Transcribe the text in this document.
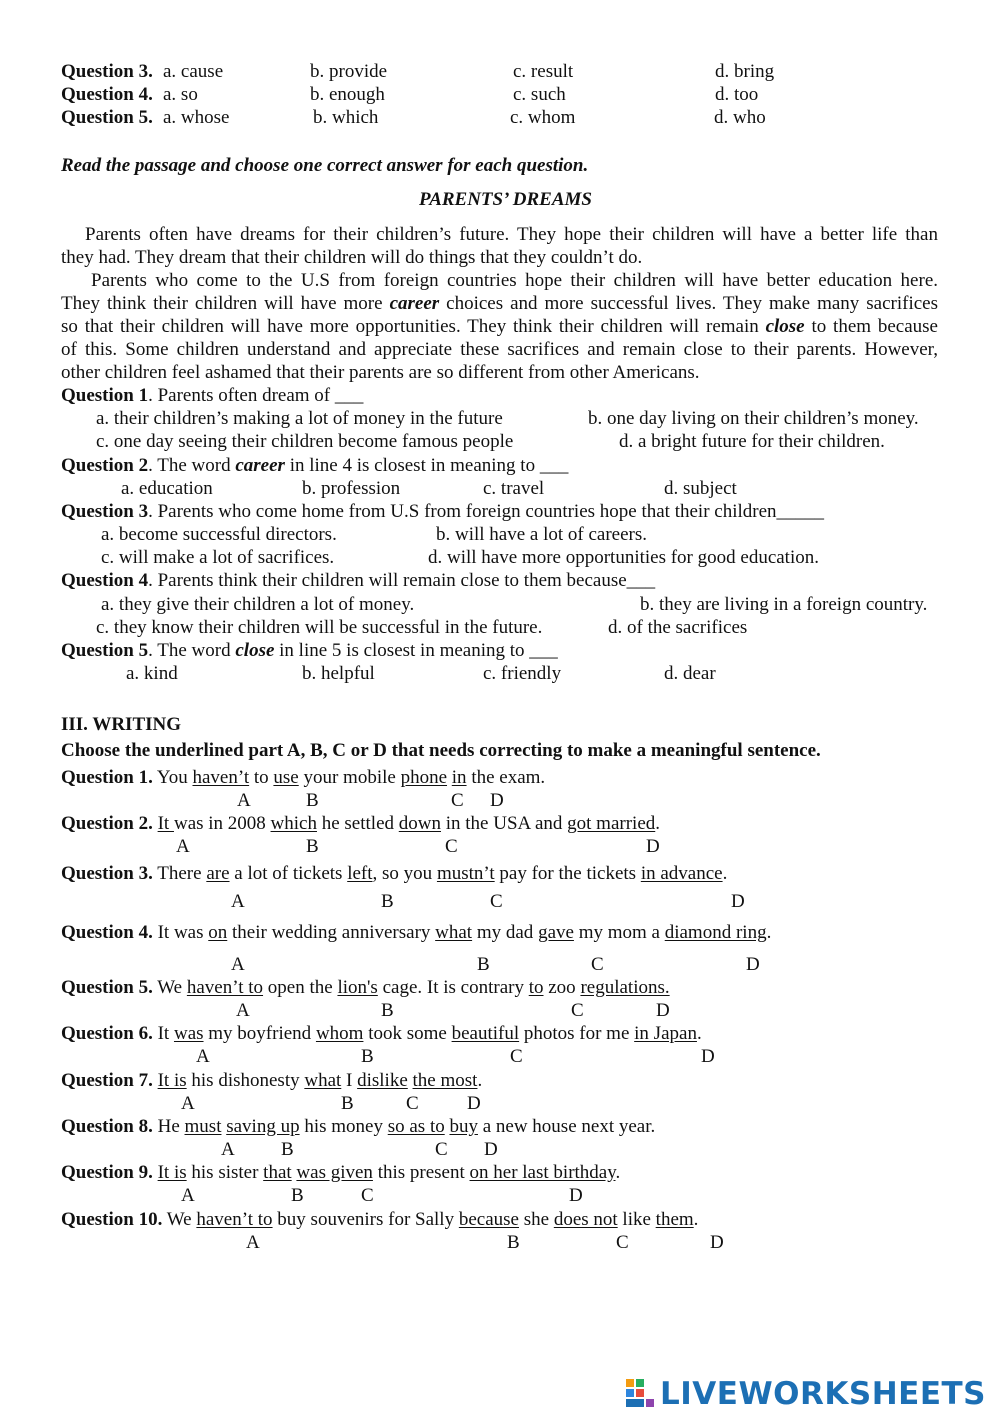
Question 3. a. cause	b. provide	c. result	d. bring
Question 4. a. so	b. enough	c. such	d. too
Question 5. a. whose	b. which	c. whom	d. who
Read the passage and choose one correct answer for each question.
PARENTS’ DREAMS
Parents often have dreams for their children’s future. They hope their children will have a better life than
they had. They dream that their children will do things that they couldn’t do.
Parents who come to the U.S from foreign countries hope their children will have better education here.
They think their children will have more career choices and more successful lives. They make many sacrifices
so that their children will have more opportunities. They think their children will remain close to them because
of this. Some children understand and appreciate these sacrifices and remain close to their parents. However,
other children feel ashamed that their parents are so different from other Americans.
Question 1. Parents often dream of ___
a. their children’s making a lot of money in the future	b. one day living on their children’s money.
c. one day seeing their children become famous people	d. a bright future for their children.
Question 2. The word career in line 4 is closest in meaning to ___
a. education	b. profession	c. travel	d. subject
Question 3. Parents who come home from U.S from foreign countries hope that their children_____
a. become successful directors.	b. will have a lot of careers.
c. will make a lot of sacrifices.	d. will have more opportunities for good education.
Question 4. Parents think their children will remain close to them because___
a. they give their children a lot of money.	b. they are living in a foreign country.
c. they know their children will be successful in the future.	d. of the sacrifices
Question 5. The word close in line 5 is closest in meaning to ___
a. kind	b. helpful	c. friendly	d. dear
III. WRITING
Choose the underlined part A, B, C or D that needs correcting to make a meaningful sentence.
Question 1. You haven’t to use your mobile phone in the exam.
A	B	C D
Question 2. It was in 2008 which he settled down in the USA and got married.
A	B	C	D
Question 3. There are a lot of tickets left, so you mustn’t pay for the tickets in advance.
A	B	C	D
Question 4. It was on their wedding anniversary what my dad gave my mom a diamond ring.
A	B	C	D
Question 5. We haven’t to open the lion's cage. It is contrary to zoo regulations.
A	B	C	D
Question 6. It was my boyfriend whom took some beautiful photos for me in Japan.
A	B	C	D
Question 7. It is his dishonesty what I dislike the most.
A	B	C	D
Question 8. He must saving up his money so as to buy a new house next year.
A B	C D
Question 9. It is his sister that was given this present on her last birthday.
A	B	C	D
Question 10. We haven’t to buy souvenirs for Sally because she does not like them.
A	B	C	D
LIVEWORKSHEETS
